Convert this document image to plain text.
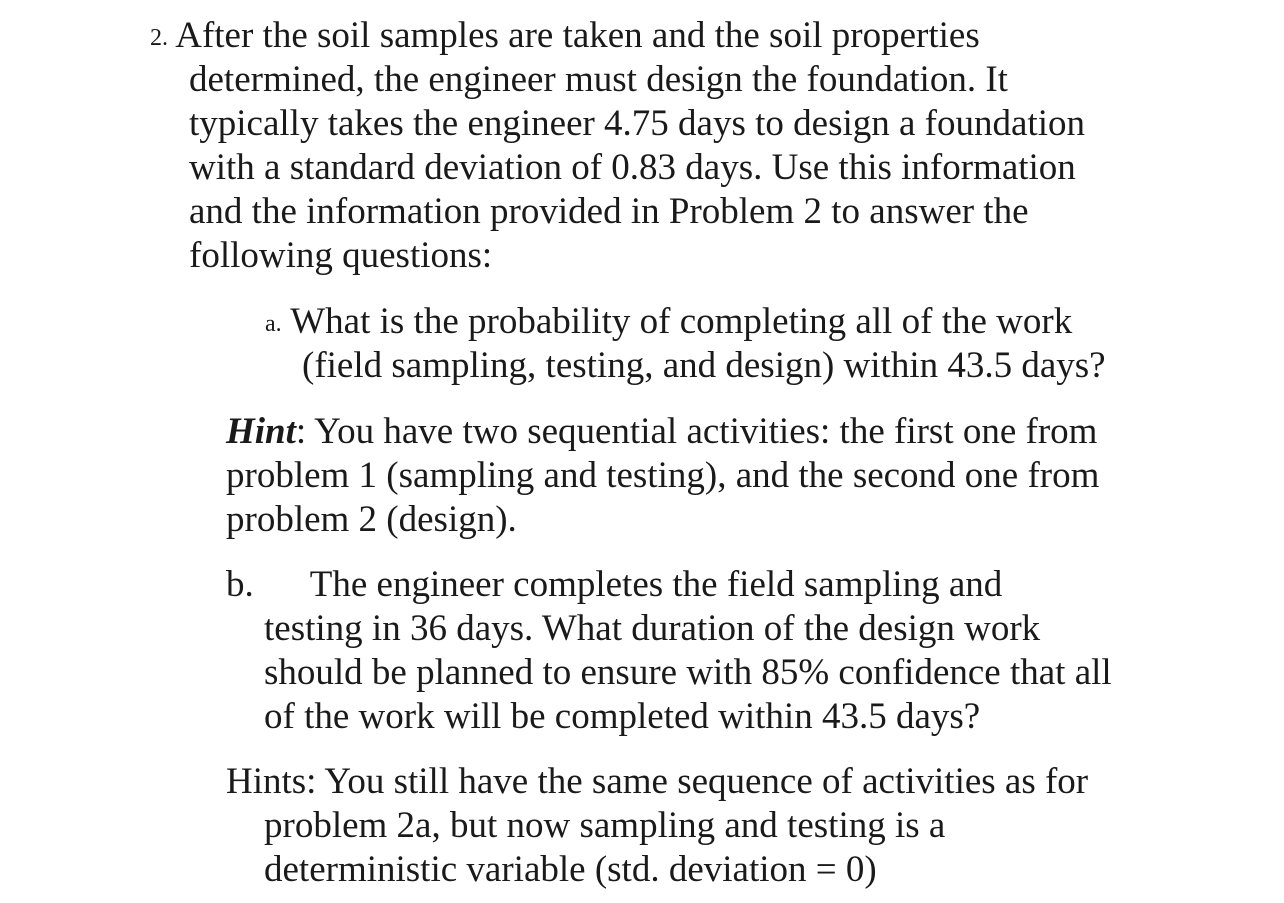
2. After the soil samples are taken and the soil properties
determined, the engineer must design the foundation. It
typically takes the engineer 4.75 days to design a foundation
with a standard deviation of 0.83 days. Use this information
and the information provided in Problem 2 to answer the
following questions:
a. What is the probability of completing all of the work
(field sampling, testing, and design) within 43.5 days?
Hint: You have two sequential activities: the first one from
problem 1 (sampling and testing), and the second one from
problem 2 (design).
b. The engineer completes the field sampling and
testing in 36 days. What duration of the design work
should be planned to ensure with 85% confidence that all
of the work will be completed within 43.5 days?
Hints: You still have the same sequence of activities as for
problem 2a, but now sampling and testing is a
deterministic variable (std. deviation = 0)
